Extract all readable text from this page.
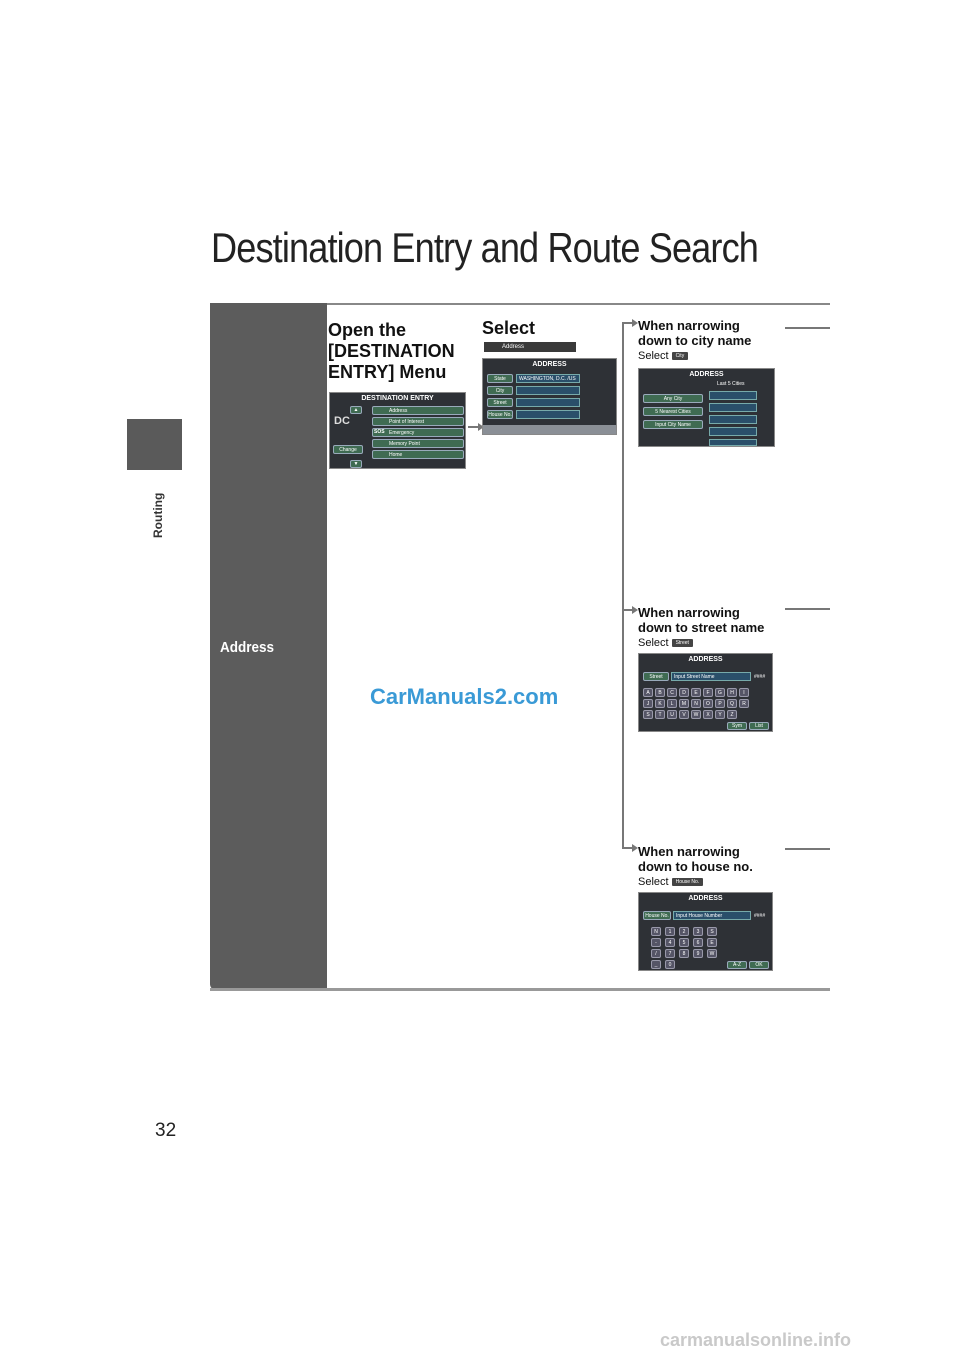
Routing
32
Destination Entry and Route Search
Address
Open the
[DESTINATION
ENTRY] Menu
DESTINATION ENTRY
DC
▲
▼
Change
Address
Point of Interest
Emergency
Memory Point
Home
SOS
Select
Address
ADDRESS
State
City
Street
House No.
WASHINGTON, D.C. /US
When narrowing
down to city name
Select City
ADDRESS
Last 5 Cities
Any City
5 Nearest Cities
Input City Name
When narrowing
down to street name
Select Street
ADDRESS
Street	Input Street Name	####
A	B	C	D	E	F	G	H	I
J	K	L	M	N	O	P	Q	R
S	T	U	V	W	X	Y	Z
Sym	List
When narrowing
down to house no.
Select House No.
ADDRESS
House No.	Input House Number	####
N	1	2	3	S
-	4	5	6	E
/	7	8	9	W
_	0	A-Z	OK
CarManuals2.com
carmanualsonline.info
